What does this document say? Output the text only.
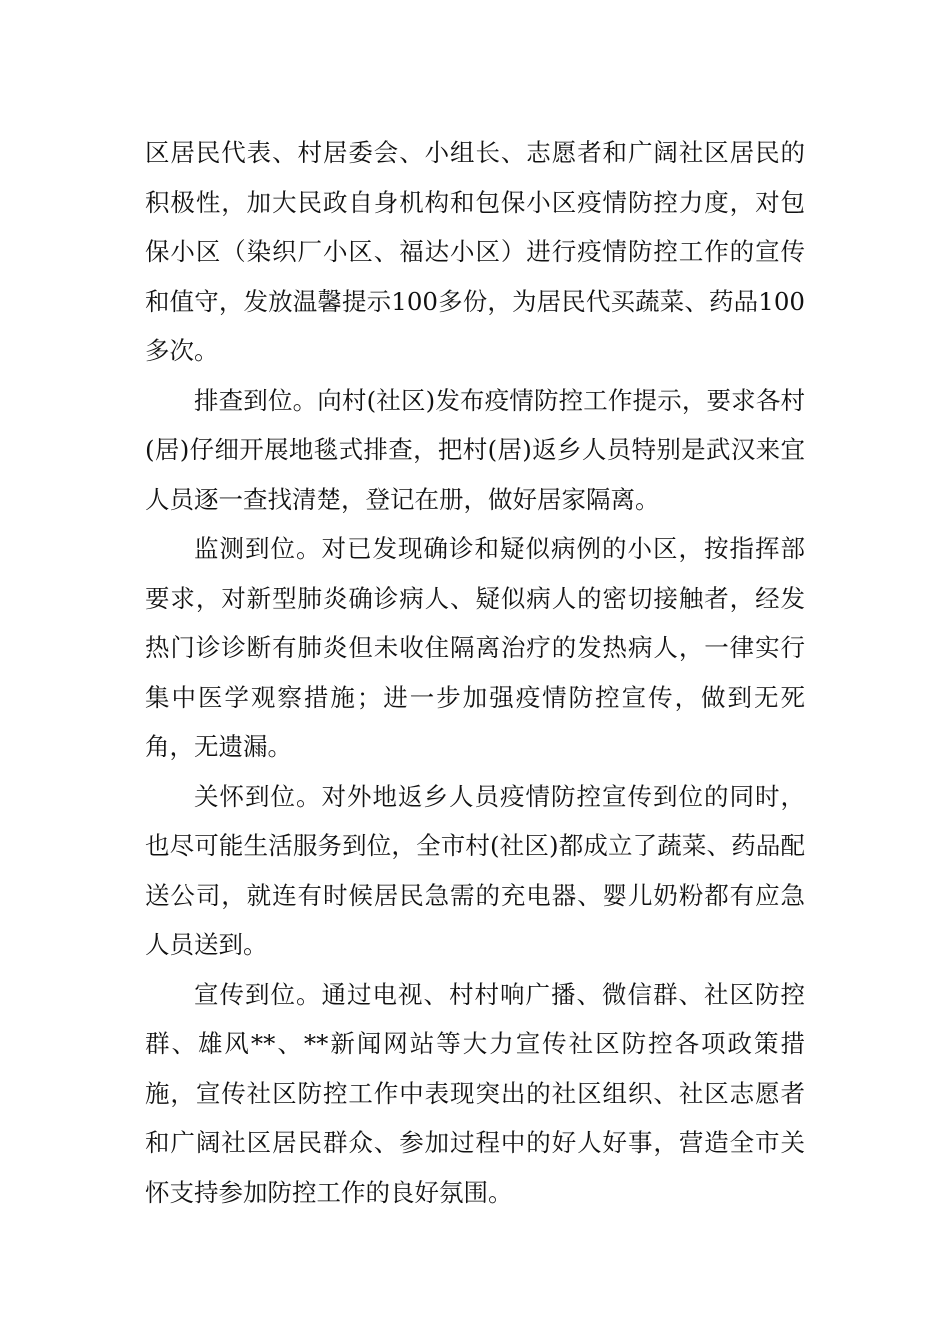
区居民代表、村居委会、小组长、志愿者和广阔社区居民的积极性，加大民政自身机构和包保小区疫情防控力度，对包保小区（染织厂小区、福达小区）进行疫情防控工作的宣传和值守，发放温馨提示100多份，为居民代买蔬菜、药品100多次。

排查到位。向村(社区)发布疫情防控工作提示，要求各村(居)仔细开展地毯式排查，把村(居)返乡人员特别是武汉来宜人员逐一查找清楚，登记在册，做好居家隔离。

监测到位。对已发现确诊和疑似病例的小区，按指挥部要求，对新型肺炎确诊病人、疑似病人的密切接触者，经发热门诊诊断有肺炎但未收住隔离治疗的发热病人，一律实行集中医学观察措施；进一步加强疫情防控宣传，做到无死角，无遗漏。

关怀到位。对外地返乡人员疫情防控宣传到位的同时，也尽可能生活服务到位，全市村(社区)都成立了蔬菜、药品配送公司，就连有时候居民急需的充电器、婴儿奶粉都有应急人员送到。

宣传到位。通过电视、村村响广播、微信群、社区防控群、雄风**、**新闻网站等大力宣传社区防控各项政策措施，宣传社区防控工作中表现突出的社区组织、社区志愿者和广阔社区居民群众、参加过程中的好人好事，营造全市关怀支持参加防控工作的良好氛围。
